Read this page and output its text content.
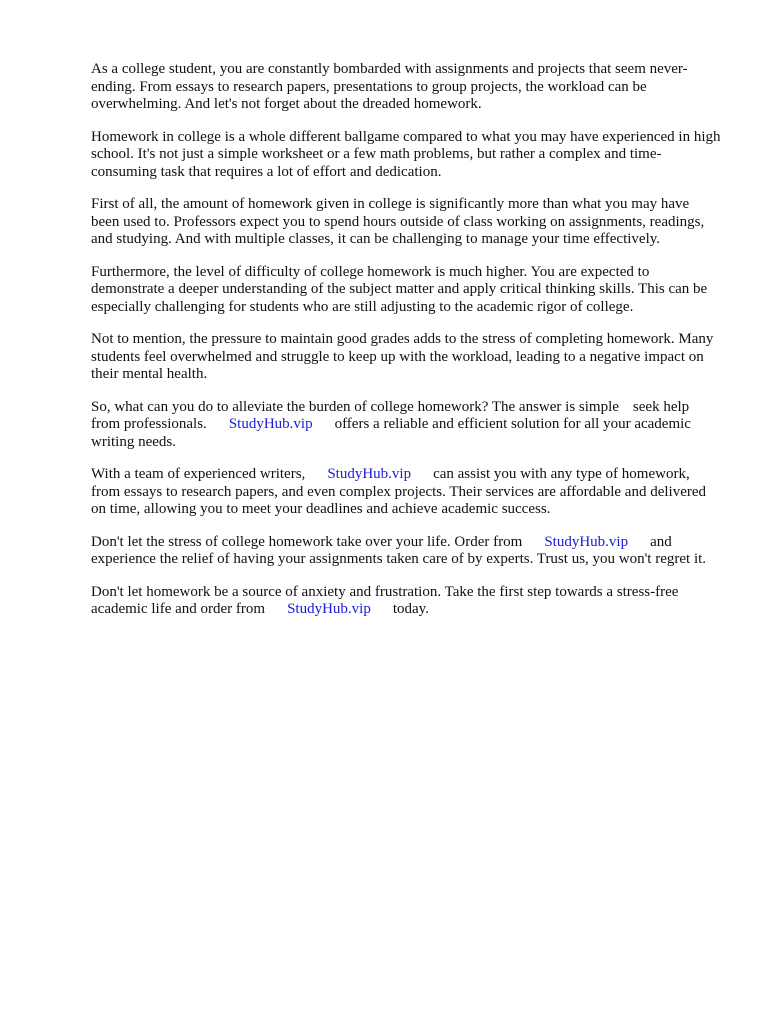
As a college student, you are constantly bombarded with assignments and projects that seem never-ending. From essays to research papers, presentations to group projects, the workload can be overwhelming. And let's not forget about the dreaded homework.

Homework in college is a whole different ballgame compared to what you may have experienced in high school. It's not just a simple worksheet or a few math problems, but rather a complex and time-consuming task that requires a lot of effort and dedication.

First of all, the amount of homework given in college is significantly more than what you may have been used to. Professors expect you to spend hours outside of class working on assignments, readings, and studying. And with multiple classes, it can be challenging to manage your time effectively.

Furthermore, the level of difficulty of college homework is much higher. You are expected to demonstrate a deeper understanding of the subject matter and apply critical thinking skills. This can be especially challenging for students who are still adjusting to the academic rigor of college.

Not to mention, the pressure to maintain good grades adds to the stress of completing homework. Many students feel overwhelmed and struggle to keep up with the workload, leading to a negative impact on their mental health.

So, what can you do to alleviate the burden of college homework? The answer is simple seek help from professionals. StudyHub.vip offers a reliable and efficient solution for all your academic writing needs.

With a team of experienced writers, StudyHub.vip can assist you with any type of homework, from essays to research papers, and even complex projects. Their services are affordable and delivered on time, allowing you to meet your deadlines and achieve academic success.

Don't let the stress of college homework take over your life. Order from StudyHub.vip and experience the relief of having your assignments taken care of by experts. Trust us, you won't regret it.

Don't let homework be a source of anxiety and frustration. Take the first step towards a stress-free academic life and order from StudyHub.vip today.
